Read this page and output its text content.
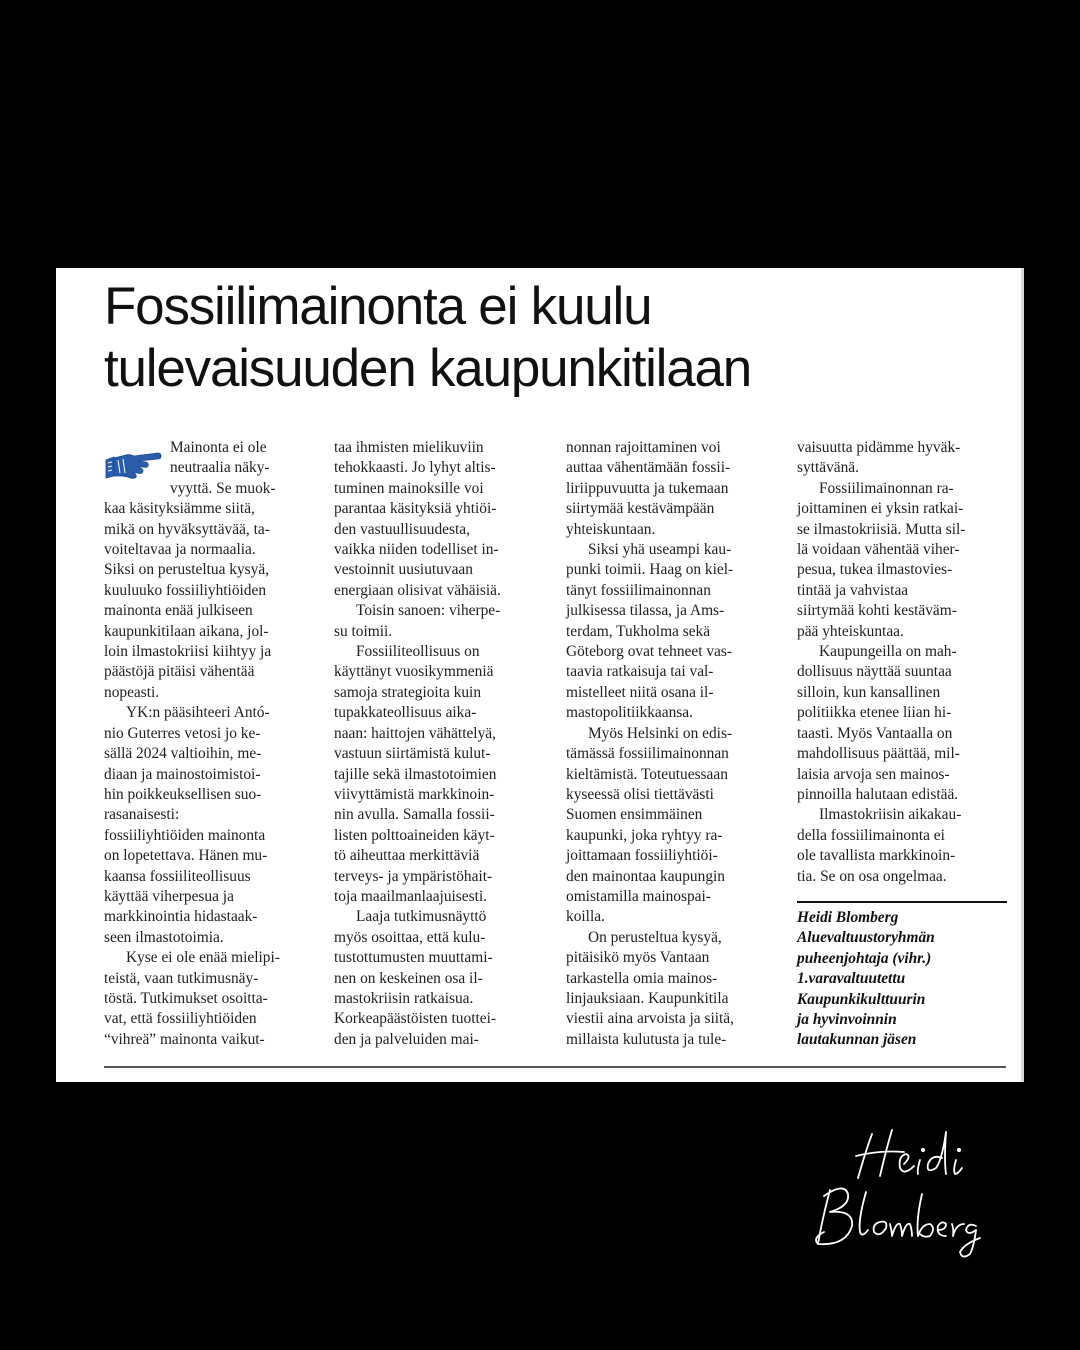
Fossiilimainonta ei kuulu
tulevaisuuden kaupunkitilaan

Mainonta ei ole

neutraalia näky-

vyyttä. Se muok-

kaa käsityksiämme siitä,

mikä on hyväksyttävää, ta-

voiteltavaa ja normaalia.

Siksi on perusteltua kysyä,

kuuluuko fossiiliyhtiöiden

mainonta enää julkiseen

kaupunkitilaan aikana, jol-

loin ilmastokriisi kiihtyy ja

päästöjä pitäisi vähentää

nopeasti.

YK:n pääsihteeri Antó-

nio Guterres vetosi jo ke-

sällä 2024 valtioihin, me-

diaan ja mainostoimistoi-

hin poikkeuksellisen suo-

rasanaisesti:

fossiiliyhtiöiden mainonta

on lopetettava. Hänen mu-

kaansa fossiiliteollisuus

käyttää viherpesua ja

markkinointia hidastaak-

seen ilmastotoimia.

Kyse ei ole enää mielipi-

teistä, vaan tutkimusnäy-

töstä. Tutkimukset osoitta-

vat, että fossiiliyhtiöiden

“vihreä” mainonta vaikut-

taa ihmisten mielikuviin

tehokkaasti. Jo lyhyt altis-

tuminen mainoksille voi

parantaa käsityksiä yhtiöi-

den vastuullisuudesta,

vaikka niiden todelliset in-

vestoinnit uusiutuvaan

energiaan olisivat vähäisiä.

Toisin sanoen: viherpe-

su toimii.

Fossiiliteollisuus on

käyttänyt vuosikymmeniä

samoja strategioita kuin

tupakkateollisuus aika-

naan: haittojen vähättelyä,

vastuun siirtämistä kulut-

tajille sekä ilmastotoimien

viivyttämistä markkinoin-

nin avulla. Samalla fossii-

listen polttoaineiden käyt-

tö aiheuttaa merkittäviä

terveys- ja ympäristöhait-

toja maailmanlaajuisesti.

Laaja tutkimusnäyttö

myös osoittaa, että kulu-

tustottumusten muuttami-

nen on keskeinen osa il-

mastokriisin ratkaisua.

Korkeapäästöisten tuottei-

den ja palveluiden mai-

nonnan rajoittaminen voi

auttaa vähentämään fossii-

liriippuvuutta ja tukemaan

siirtymää kestävämpään

yhteiskuntaan.

Siksi yhä useampi kau-

punki toimii. Haag on kiel-

tänyt fossiilimainonnan

julkisessa tilassa, ja Ams-

terdam, Tukholma sekä

Göteborg ovat tehneet vas-

taavia ratkaisuja tai val-

mistelleet niitä osana il-

mastopolitiikkaansa.

Myös Helsinki on edis-

tämässä fossiilimainonnan

kieltämistä. Toteutuessaan

kyseessä olisi tiettävästi

Suomen ensimmäinen

kaupunki, joka ryhtyy ra-

joittamaan fossiiliyhtiöi-

den mainontaa kaupungin

omistamilla mainospai-

koilla.

On perusteltua kysyä,

pitäisikö myös Vantaan

tarkastella omia mainos-

linjauksiaan. Kaupunkitila

viestii aina arvoista ja siitä,

millaista kulutusta ja tule-

vaisuutta pidämme hyväk-

syttävänä.

Fossiilimainonnan ra-

joittaminen ei yksin ratkai-

se ilmastokriisiä. Mutta sil-

lä voidaan vähentää viher-

pesua, tukea ilmastovies-

tintää ja vahvistaa

siirtymää kohti kestäväm-

pää yhteiskuntaa.

Kaupungeilla on mah-

dollisuus näyttää suuntaa

silloin, kun kansallinen

politiikka etenee liian hi-

taasti. Myös Vantaalla on

mahdollisuus päättää, mil-

laisia arvoja sen mainos-

pinnoilla halutaan edistää.

Ilmastokriisin aikakau-

della fossiilimainonta ei

ole tavallista markkinoin-

tia. Se on osa ongelmaa.

Heidi Blomberg
Aluevaltuustoryhmän
puheenjohtaja (vihr.)
1.varavaltuutettu
Kaupunkikulttuurin
ja hyvinvoinnin
lautakunnan jäsen
Heidi
